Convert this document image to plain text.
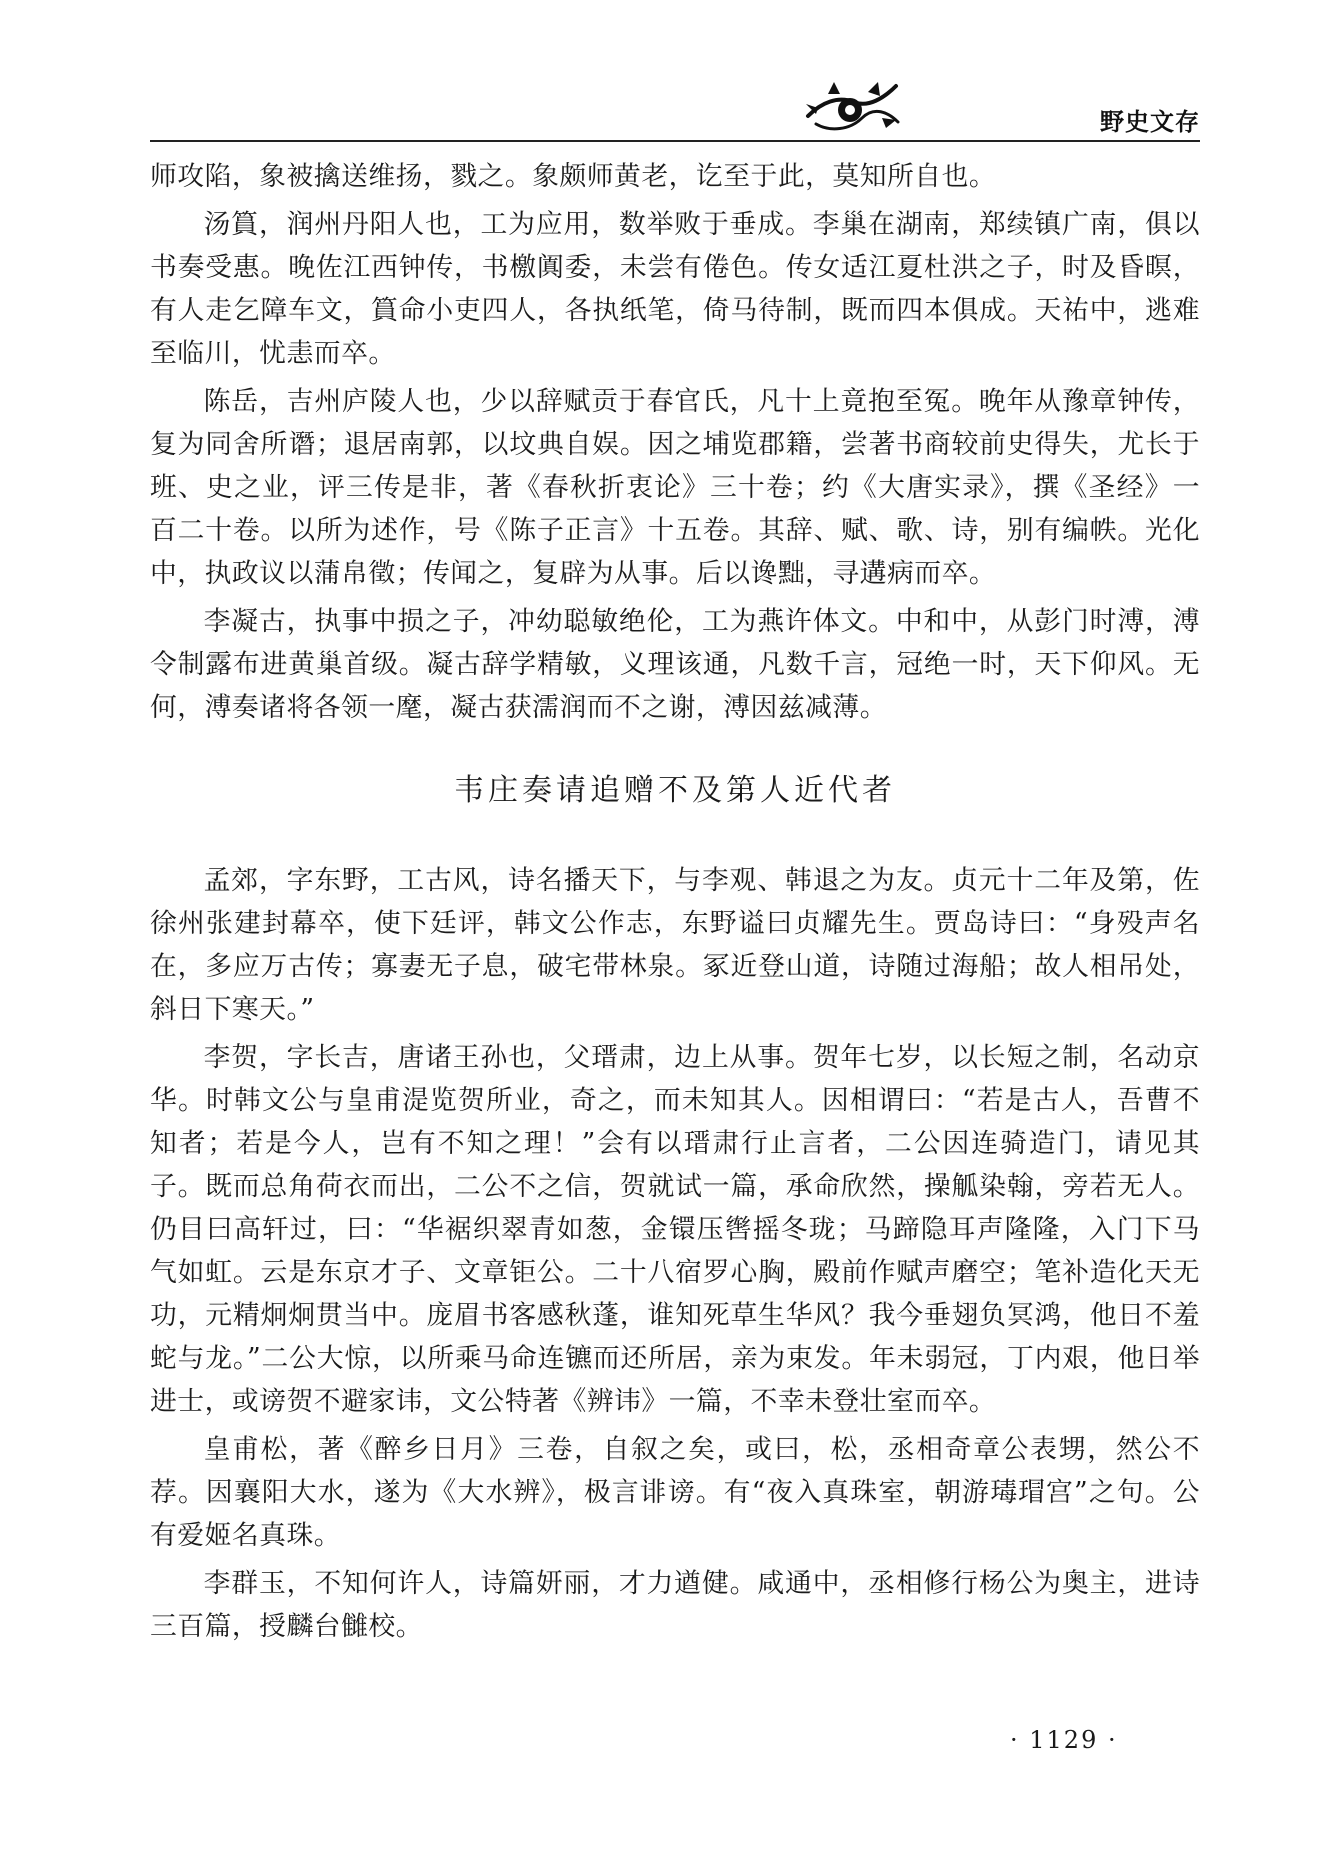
野史文存

师攻陷，象被擒送维扬，戮之。象颇师黄老，讫至于此，莫知所自也。

汤篔，润州丹阳人也，工为应用，数举败于垂成。李巢在湖南，郑续镇广南，俱以书奏受惠。晚佐江西钟传，书檄阗委，未尝有倦色。传女适江夏杜洪之子，时及昏暝，有人走乞障车文，篔命小吏四人，各执纸笔，倚马待制，既而四本俱成。天祐中，逃难至临川，忧恚而卒。

陈岳，吉州庐陵人也，少以辞赋贡于春官氏，凡十上竟抱至冤。晚年从豫章钟传，复为同舍所谮；退居南郭，以坟典自娱。因之埔览郡籍，尝著书商较前史得失，尤长于班、史之业，评三传是非，著《春秋折衷论》三十卷；约《大唐实录》，撰《圣经》一百二十卷。以所为述作，号《陈子正言》十五卷。其辞、赋、歌、诗，别有编帙。光化中，执政议以蒲帛徵；传闻之，复辟为从事。后以谗黜，寻遘病而卒。

李凝古，执事中损之子，冲幼聪敏绝伦，工为燕许体文。中和中，从彭门时溥，溥令制露布进黄巢首级。凝古辞学精敏，义理该通，凡数千言，冠绝一时，天下仰风。无何，溥奏诸将各领一麾，凝古获濡润而不之谢，溥因兹减薄。

韦庄奏请追赠不及第人近代者

孟郊，字东野，工古风，诗名播天下，与李观、韩退之为友。贞元十二年及第，佐徐州张建封幕卒，使下廷评，韩文公作志，东野谥曰贞耀先生。贾岛诗曰：“身殁声名在，多应万古传；寡妻无子息，破宅带林泉。冢近登山道，诗随过海船；故人相吊处，斜日下寒天。”

李贺，字长吉，唐诸王孙也，父瑨肃，边上从事。贺年七岁，以长短之制，名动京华。时韩文公与皇甫湜览贺所业，奇之，而未知其人。因相谓曰：“若是古人，吾曹不知者；若是今人，岂有不知之理！”会有以瑨肃行止言者，二公因连骑造门，请见其子。既而总角荷衣而出，二公不之信，贺就试一篇，承命欣然，操觚染翰，旁若无人。仍目曰高轩过，曰：“华裾织翠青如葱，金镮压辔摇冬珑；马蹄隐耳声隆隆，入门下马气如虹。云是东京才子、文章钜公。二十八宿罗心胸，殿前作赋声磨空；笔补造化天无功，元精炯炯贯当中。庞眉书客感秋蓬，谁知死草生华风？我今垂翅负冥鸿，他日不羞蛇与龙。”二公大惊，以所乘马命连镳而还所居，亲为束发。年未弱冠，丁内艰，他日举进士，或谤贺不避家讳，文公特著《辨讳》一篇，不幸未登壮室而卒。

皇甫松，著《醉乡日月》三卷，自叙之矣，或曰，松，丞相奇章公表甥，然公不荐。因襄阳大水，遂为《大水辨》，极言诽谤。有“夜入真珠室，朝游瑇瑁宫”之句。公有爱姬名真珠。

李群玉，不知何许人，诗篇妍丽，才力遒健。咸通中，丞相修行杨公为奥主，进诗三百篇，授麟台雠校。

· 1129 ·
